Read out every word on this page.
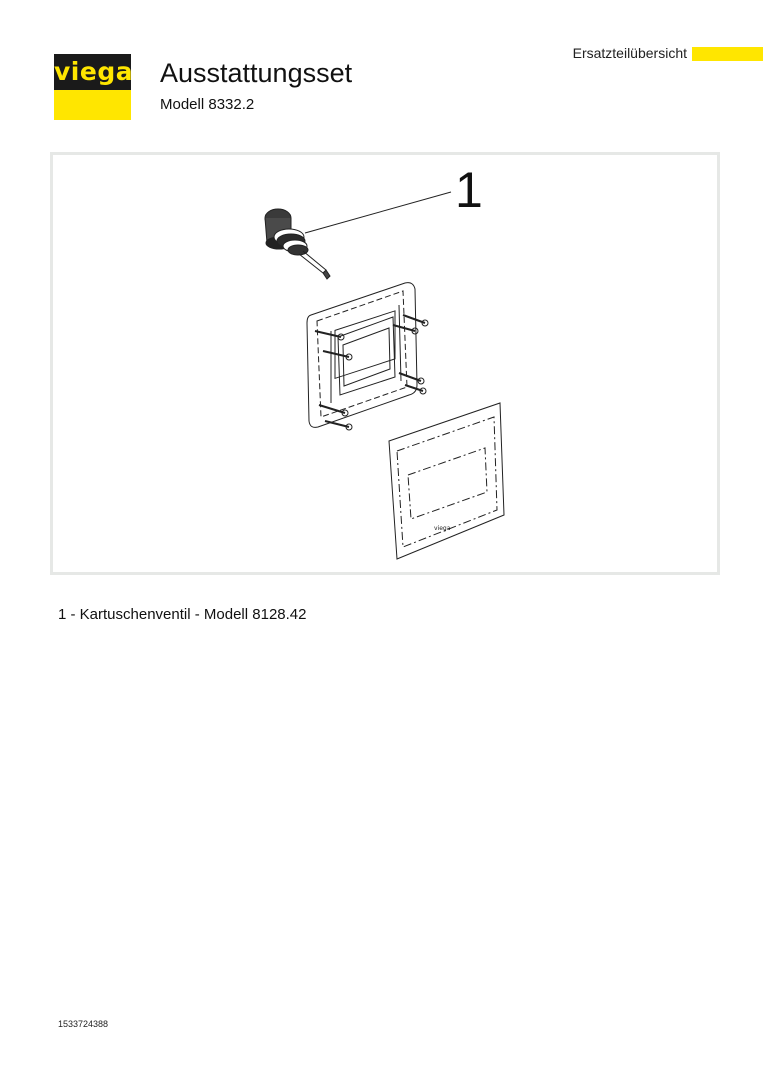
viega Ausstattungsset
Modell 8332.2
Ersatzteilübersicht
viega
1
1 - Kartuschenventil - Modell 8128.42
1533724388
